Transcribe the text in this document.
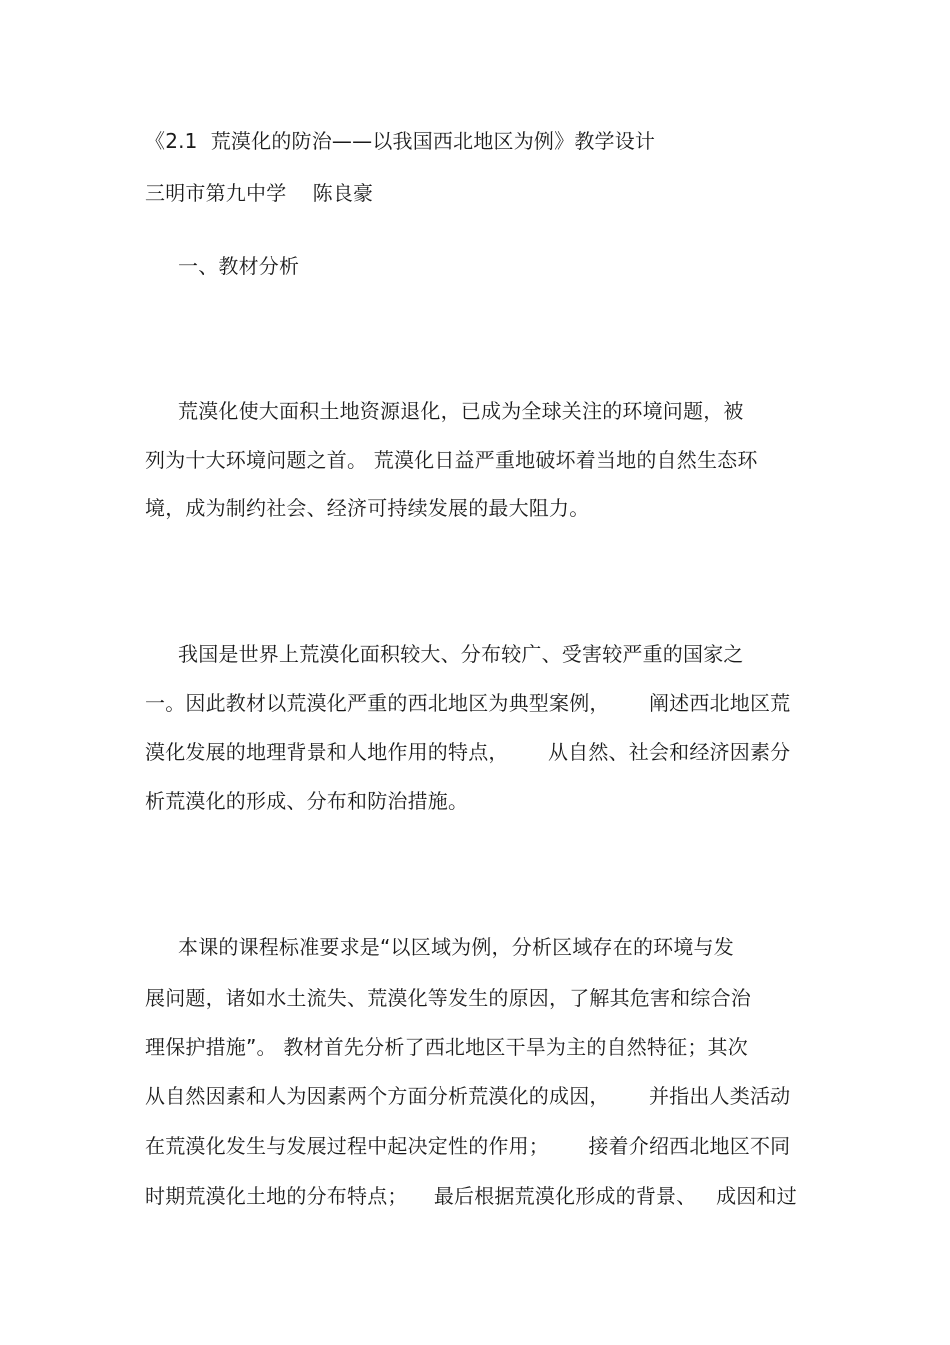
《2.1  荒漠化的防治——以我国西北地区为例》教学设计
三明市第九中学    陈良豪
一、教材分析
荒漠化使大面积土地资源退化，已成为全球关注的环境问题，被
列为十大环境问题之首。 荒漠化日益严重地破坏着当地的自然生态环
境，成为制约社会、经济可持续发展的最大阻力。
我国是世界上荒漠化面积较大、分布较广、受害较严重的国家之
一。因此教材以荒漠化严重的西北地区为典型案例，      阐述西北地区荒
漠化发展的地理背景和人地作用的特点，      从自然、社会和经济因素分
析荒漠化的形成、分布和防治措施。
本课的课程标准要求是“以区域为例，分析区域存在的环境与发
展问题，诸如水土流失、荒漠化等发生的原因，了解其危害和综合治
理保护措施”。 教材首先分析了西北地区干旱为主的自然特征；其次
从自然因素和人为因素两个方面分析荒漠化的成因，      并指出人类活动
在荒漠化发生与发展过程中起决定性的作用；      接着介绍西北地区不同
时期荒漠化土地的分布特点；    最后根据荒漠化形成的背景、   成因和过
